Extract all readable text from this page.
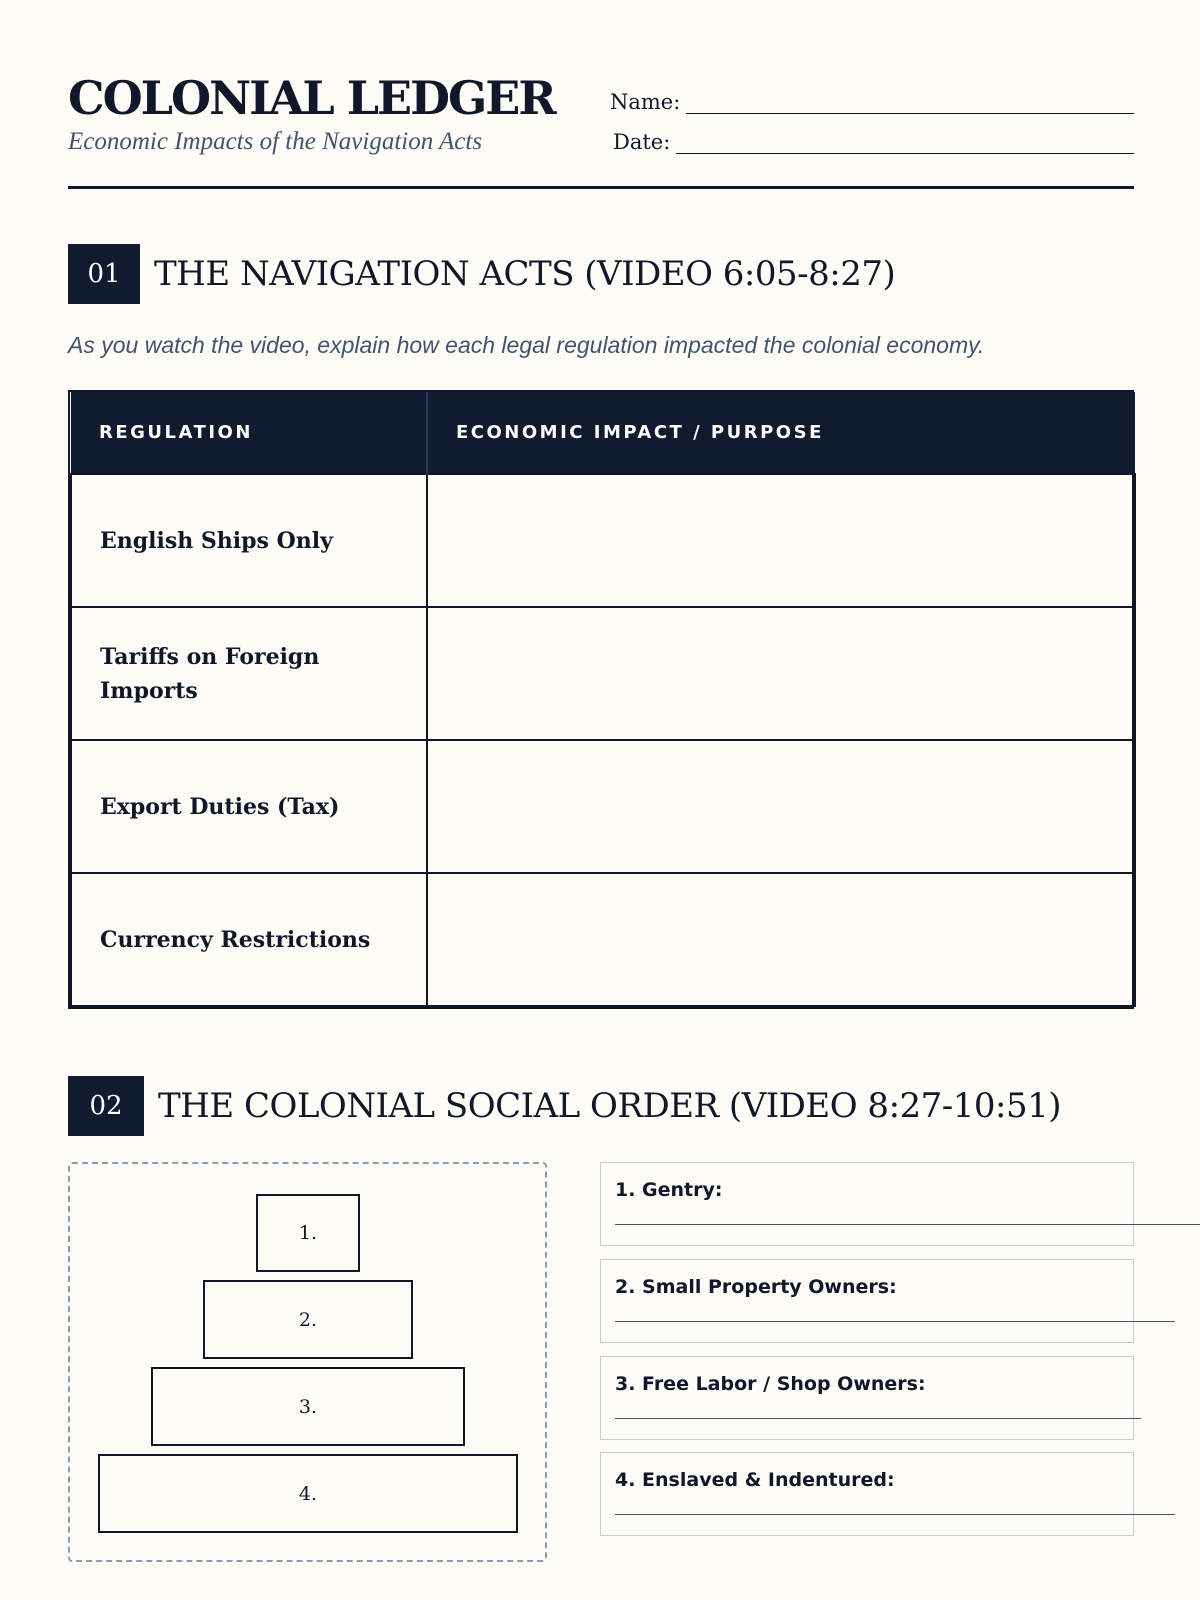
COLONIAL LEDGER
Economic Impacts of the Navigation Acts
Name:
Date:
01 THE NAVIGATION ACTS (VIDEO 6:05-8:27)
As you watch the video, explain how each legal regulation impacted the colonial economy.
REGULATION	ECONOMIC IMPACT / PURPOSE
English Ships Only	
Tariffs on Foreign Imports	
Export Duties (Tax)	
Currency Restrictions	
02	THE COLONIAL SOCIAL ORDER (VIDEO 8:27-10:51)
1.
2.
3.
4.
1. Gentry:
2. Small Property Owners:
3. Free Labor / Shop Owners:
4. Enslaved & Indentured:
